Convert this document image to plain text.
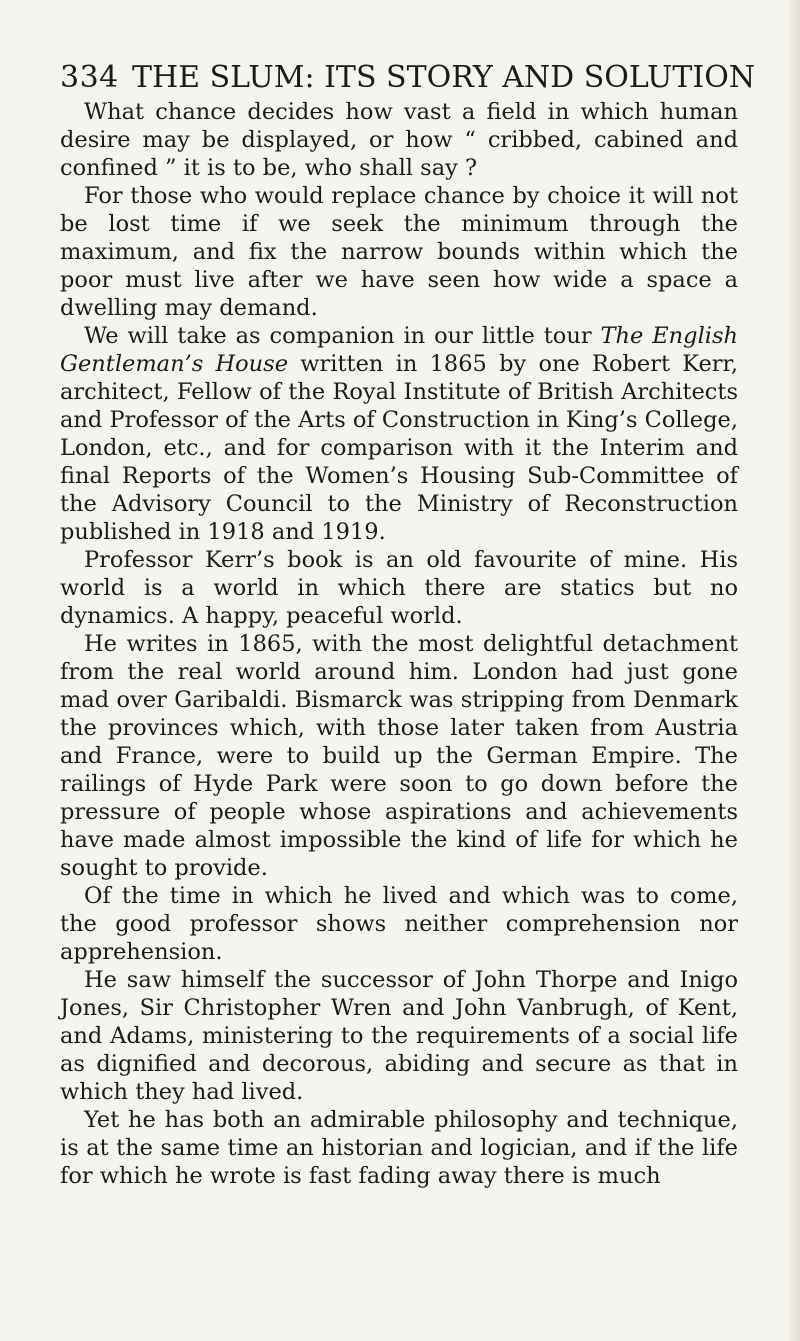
334 THE SLUM: ITS STORY AND SOLUTION

What chance decides how vast a field in which human desire may be displayed, or how “ cribbed, cabined and confined ” it is to be, who shall say ?

For those who would replace chance by choice it will not be lost time if we seek the minimum through the maximum, and fix the narrow bounds within which the poor must live after we have seen how wide a space a dwelling may demand.

We will take as companion in our little tour The English Gentleman’s House written in 1865 by one Robert Kerr, architect, Fellow of the Royal Institute of British Architects and Professor of the Arts of Construction in King’s College, London, etc., and for comparison with it the Interim and final Reports of the Women’s Housing Sub-Committee of the Advisory Council to the Ministry of Reconstruction published in 1918 and 1919.

Professor Kerr’s book is an old favourite of mine. His world is a world in which there are statics but no dynamics. A happy, peaceful world.

He writes in 1865, with the most delightful detachment from the real world around him. London had just gone mad over Garibaldi. Bismarck was stripping from Denmark the provinces which, with those later taken from Austria and France, were to build up the German Empire. The railings of Hyde Park were soon to go down before the pressure of people whose aspirations and achievements have made almost impossible the kind of life for which he sought to provide.

Of the time in which he lived and which was to come, the good professor shows neither comprehension nor apprehension.

He saw himself the successor of John Thorpe and Inigo Jones, Sir Christopher Wren and John Vanbrugh, of Kent, and Adams, ministering to the requirements of a social life as dignified and decorous, abiding and secure as that in which they had lived.

Yet he has both an admirable philosophy and technique, is at the same time an historian and logician, and if the life for which he wrote is fast fading away there is much
